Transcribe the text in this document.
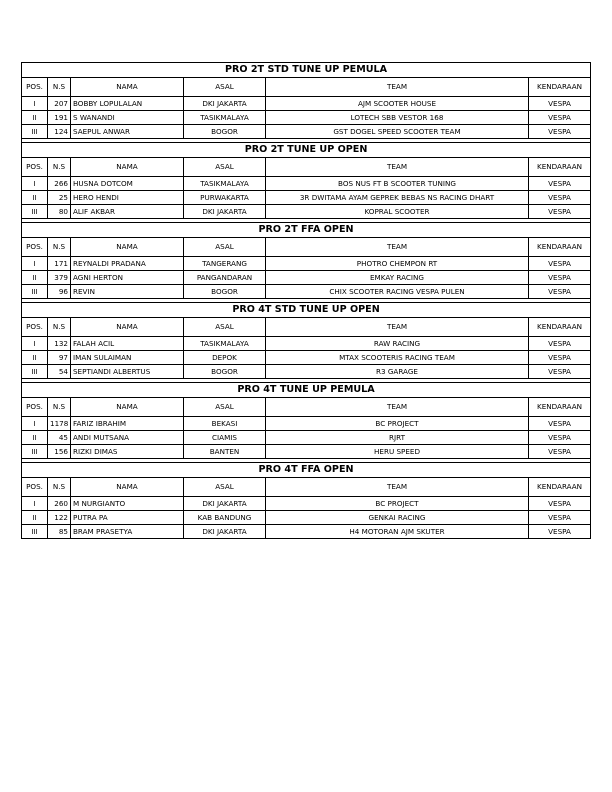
PRO 2T STD TUNE UP PEMULA					
POS.	N.S	NAMA	ASAL	TEAM	KENDARAAN
I	207	BOBBY LOPULALAN	DKI JAKARTA	AJM SCOOTER HOUSE	VESPA
II	191	S WANANDI	TASIKMALAYA	LOTECH SBB VESTOR 168	VESPA
III	124	SAEPUL ANWAR	BOGOR	GST DOGEL SPEED SCOOTER TEAM	VESPA

PRO 2T TUNE UP OPEN					
POS.	N.S	NAMA	ASAL	TEAM	KENDARAAN
I	266	HUSNA DOTCOM	TASIKMALAYA	BOS NUS FT B SCOOTER TUNING	VESPA
II	25	HERO HENDI	PURWAKARTA	3R DWITAMA AYAM GEPREK BEBAS NS RACING DHART	VESPA
III	80	ALIF AKBAR	DKI JAKARTA	KOPRAL SCOOTER	VESPA

PRO 2T FFA OPEN					
POS.	N.S	NAMA	ASAL	TEAM	KENDARAAN
I	171	REYNALDI PRADANA	TANGERANG	PHOTRO CHEMPON RT	VESPA
II	379	AGNI HERTON	PANGANDARAN	EMKAY RACING	VESPA
III	96	REVIN	BOGOR	CHIX SCOOTER RACING VESPA PULEN	VESPA

PRO 4T STD TUNE UP OPEN					
POS.	N.S	NAMA	ASAL	TEAM	KENDARAAN
I	132	FALAH ACIL	TASIKMALAYA	RAW RACING	VESPA
II	97	IMAN SULAIMAN	DEPOK	MTAX SCOOTERIS RACING TEAM	VESPA
III	54	SEPTIANDI ALBERTUS	BOGOR	R3 GARAGE	VESPA

PRO 4T TUNE UP PEMULA					
POS.	N.S	NAMA	ASAL	TEAM	KENDARAAN
I	1178	FARIZ IBRAHIM	BEKASI	BC PROJECT	VESPA
II	45	ANDI MUTSANA	CIAMIS	RJRT	VESPA
III	156	RIZKI DIMAS	BANTEN	HERU SPEED	VESPA

PRO 4T FFA OPEN					
POS.	N.S	NAMA	ASAL	TEAM	KENDARAAN
I	260	M NURGIANTO	DKI JAKARTA	BC PROJECT	VESPA
II	122	PUTRA PA	KAB BANDUNG	GENKAI RACING	VESPA
III	85	BRAM PRASETYA	DKI JAKARTA	H4 MOTORAN AJM SKUTER	VESPA
